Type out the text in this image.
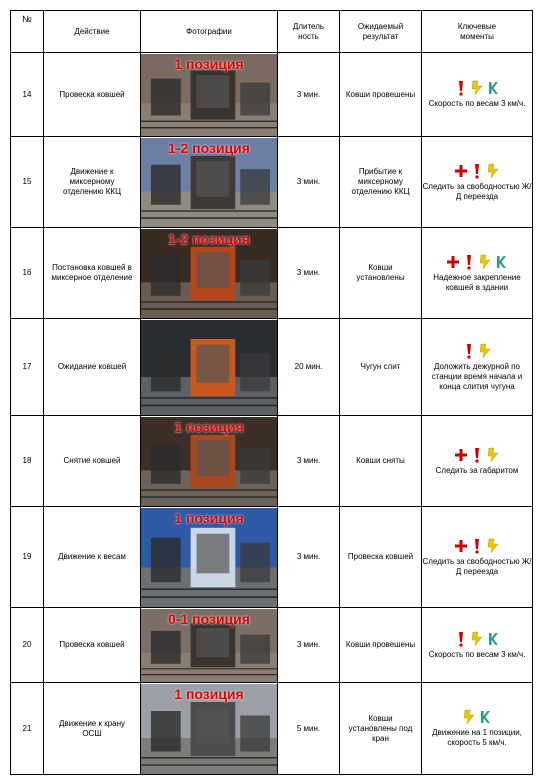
№	Действие	Фотографии	Длитель ность	Ожидаемый результат	Ключевые моменты
14	Провеска ковшей	1 позиция	3 мин.	Ковши провешены	Скорость по весам 3 км/ч.

15	Движение к миксерному отделению ККЦ	1-2 позиция	3 мин.	Прибытие к миксерному отделению ККЦ	Следить за свободностью Ж/Д переезда

16	Постановка ковшей в миксерное отделение	1-2 позиция	3 мин.	Ковши установлены	Надежное закрепление ковшей в здании

17	Ожидание ковшей		20 мин.	Чугун слит	Доложить дежурной по станции время начала и конца слития чугуна

18	Снятие ковшей	1 позиция	3 мин.	Ковши сняты	Следить за габаритом

19	Движение к весам	1 позиция	3 мин.	Провеска ковшей	Следить за свободностью Ж/Д переезда

20	Провеска ковшей	0-1 позиция	3 мин.	Ковши провешены	Скорость по весам 3 км/ч.

21	Движение к крану ОСШ	1 позиция	5 мин.	Ковши установлены под кран	Движение на 1 позиции, скорость 5 км/ч.
